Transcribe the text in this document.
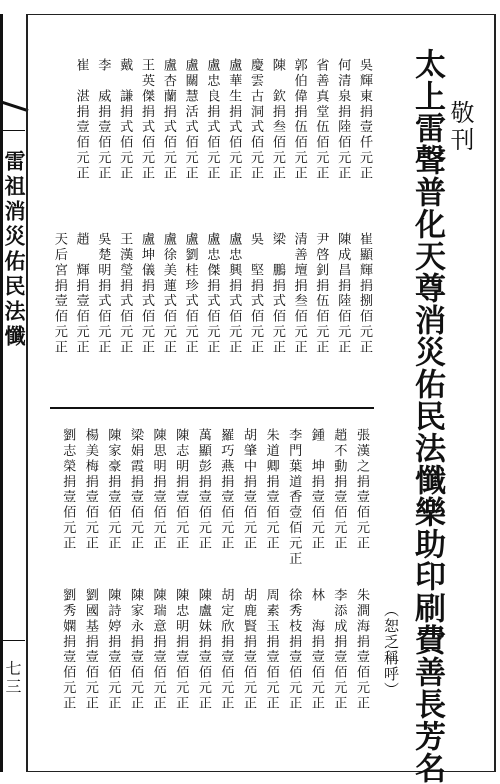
雷祖消災佑民法懺
七三
敬刊
太上雷聲普化天尊消災佑民法懺樂助印刷費善長芳名
（恕乏稱呼）
吳輝東捐壹仟元正
崔顯輝捐捌佰元正
何清泉捐陸佰元正
陳成昌捐陸佰元正
省善真堂伍佰元正
尹啓釗捐伍佰元正
郭伯偉捐伍佰元正
清善壇捐叁佰元正
陳　欽捐叁佰元正
梁　鵬捐式佰元正
慶雲古洞式佰元正
吳　堅捐式佰元正
盧華生捐式佰元正
盧忠興捐式佰元正
盧忠良捐式佰元正
盧忠傑捐式佰元正
盧關慧活式佰元正
盧劉桂珍式佰元正
盧杏蘭捐式佰元正
盧徐美蓮式佰元正
王英傑捐式佰元正
盧坤儀捐式佰元正
戴　謙捐式佰元正
王漢瑩捐式佰元正
李　威捐壹佰元正
吳楚明捐式佰元正
崔　湛捐壹佰元正
趙　輝捐壹佰元正
天后宮捐壹佰元正
張漢之捐壹佰元正
朱澗海捐壹佰元正
趙不動捐壹佰元正
李添成捐壹佰元正
鍾　坤捐壹佰元正
林　海捐壹佰元正
李門葉道香壹佰元正
徐秀枝捐壹佰元正
朱道卿捐壹佰元正
周素玉捐壹佰元正
胡肇中捐壹佰元正
胡鹿賢捐壹佰元正
羅巧燕捐壹佰元正
胡定欣捐壹佰元正
萬顯彭捐壹佰元正
陳盧妹捐壹佰元正
陳志明捐壹佰元正
陳忠明捐壹佰元正
陳思明捐壹佰元正
陳瑞意捐壹佰元正
梁娟霞捐壹佰元正
陳家永捐壹佰元正
陳家豪捐壹佰元正
陳詩婷捐壹佰元正
楊美梅捐壹佰元正
劉國基捐壹佰元正
劉志榮捐壹佰元正
劉秀嫻捐壹佰元正
